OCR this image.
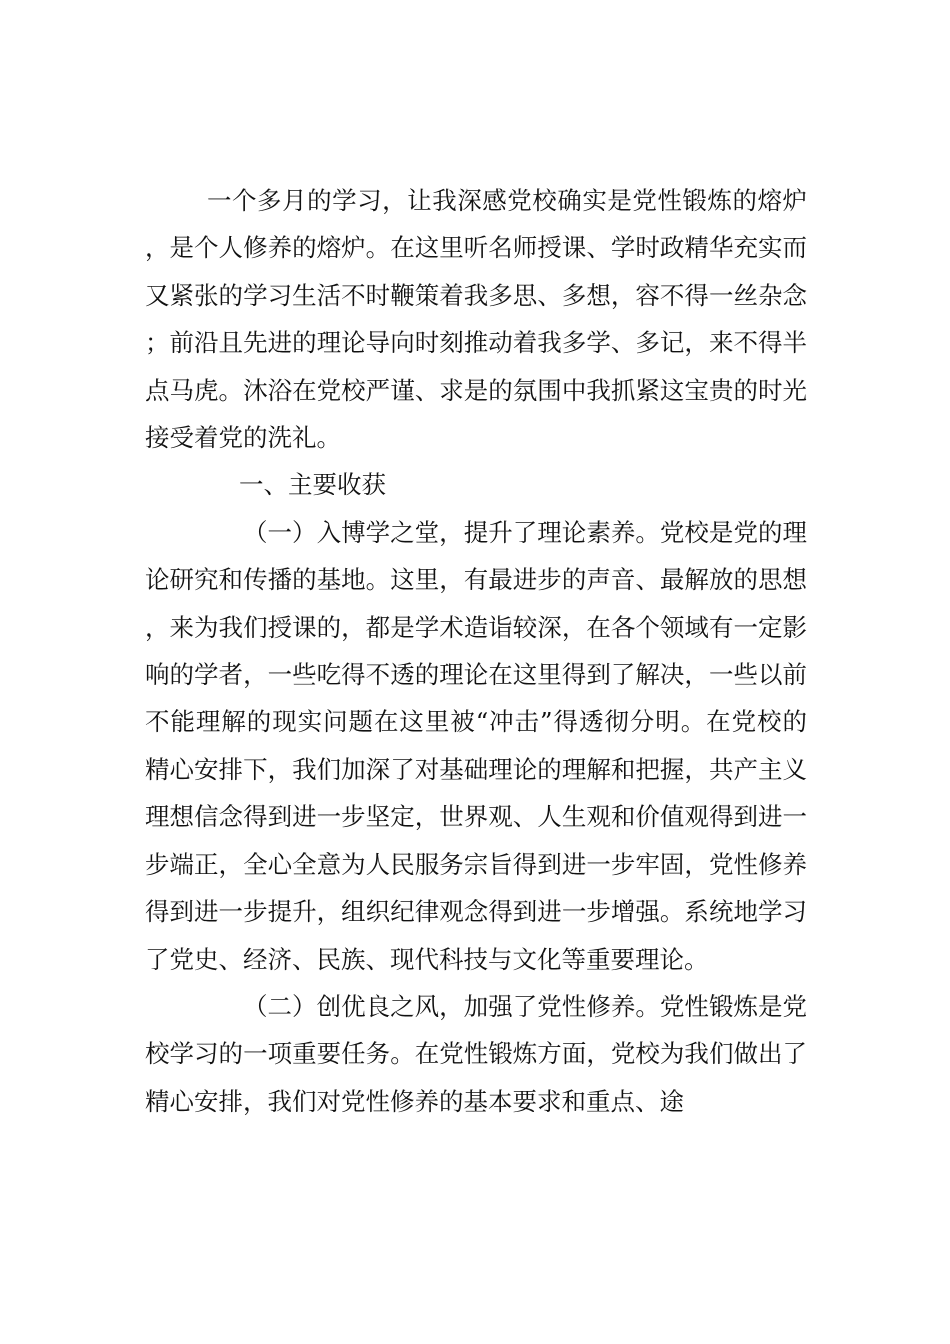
一个多月的学习，让我深感党校确实是党性锻炼的熔炉，是个人修养的熔炉。在这里听名师授课、学时政精华充实而又紧张的学习生活不时鞭策着我多思、多想，容不得一丝杂念；前沿且先进的理论导向时刻推动着我多学、多记，来不得半点马虎。沐浴在党校严谨、求是的氛围中我抓紧这宝贵的时光接受着党的洗礼。

一、主要收获

（一）入博学之堂，提升了理论素养。党校是党的理论研究和传播的基地。这里，有最进步的声音、最解放的思想，来为我们授课的，都是学术造诣较深，在各个领域有一定影响的学者，一些吃得不透的理论在这里得到了解决，一些以前不能理解的现实问题在这里被“冲击”得透彻分明。在党校的精心安排下，我们加深了对基础理论的理解和把握，共产主义理想信念得到进一步坚定，世界观、人生观和价值观得到进一步端正，全心全意为人民服务宗旨得到进一步牢固，党性修养得到进一步提升，组织纪律观念得到进一步增强。系统地学习了党史、经济、民族、现代科技与文化等重要理论。

（二）创优良之风，加强了党性修养。党性锻炼是党校学习的一项重要任务。在党性锻炼方面，党校为我们做出了精心安排，我们对党性修养的基本要求和重点、途
